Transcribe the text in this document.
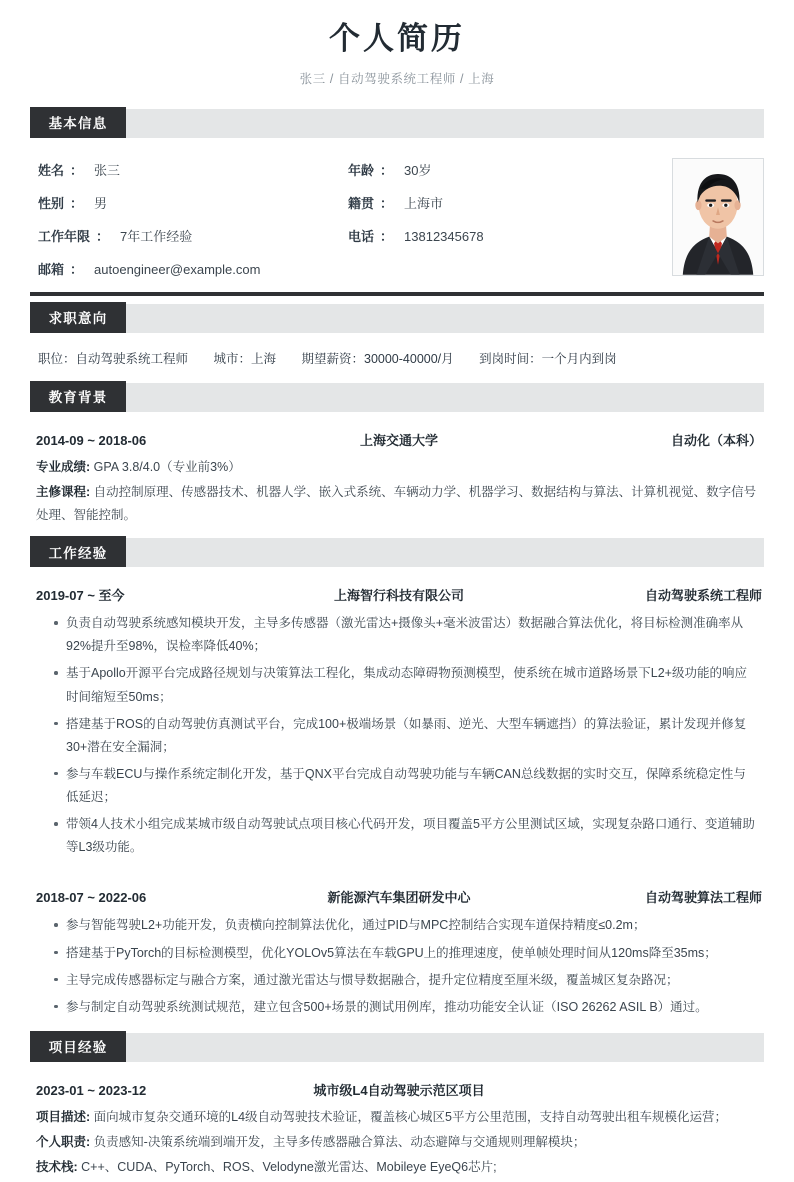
个人简历
张三 / 自动驾驶系统工程师 / 上海
基本信息
姓名 ： 张三	年龄 ： 30岁
性别 ： 男	籍贯 ： 上海市
工作年限 ： 7年工作经验	电话 ： 13812345678
邮箱 ： autoengineer@example.com
求职意向
职位：自动驾驶系统工程师 城市：上海 期望薪资：30000-40000/月 到岗时间：一个月内到岗
教育背景
2014-09 ~ 2018-06	上海交通大学	自动化（本科）
专业成绩: GPA 3.8/4.0（专业前3%）
主修课程: 自动控制原理、传感器技术、机器人学、嵌入式系统、车辆动力学、机器学习、数据结构与算法、计算机视觉、数字信号处理、智能控制。
工作经验
2019-07 ~ 至今	上海智行科技有限公司	自动驾驶系统工程师
负责自动驾驶系统感知模块开发，主导多传感器（激光雷达+摄像头+毫米波雷达）数据融合算法优化，将目标检测准确率从92%提升至98%，误检率降低40%；
基于Apollo开源平台完成路径规划与决策算法工程化，集成动态障碍物预测模型，使系统在城市道路场景下L2+级功能的响应时间缩短至50ms；
搭建基于ROS的自动驾驶仿真测试平台，完成100+极端场景（如暴雨、逆光、大型车辆遮挡）的算法验证，累计发现并修复30+潜在安全漏洞；
参与车载ECU与操作系统定制化开发，基于QNX平台完成自动驾驶功能与车辆CAN总线数据的实时交互，保障系统稳定性与低延迟；
带领4人技术小组完成某城市级自动驾驶试点项目核心代码开发，项目覆盖5平方公里测试区域，实现复杂路口通行、变道辅助等L3级功能。
2018-07 ~ 2022-06	新能源汽车集团研发中心	自动驾驶算法工程师
参与智能驾驶L2+功能开发，负责横向控制算法优化，通过PID与MPC控制结合实现车道保持精度≤0.2m；
搭建基于PyTorch的目标检测模型，优化YOLOv5算法在车载GPU上的推理速度，使单帧处理时间从120ms降至35ms；
主导完成传感器标定与融合方案，通过激光雷达与惯导数据融合，提升定位精度至厘米级，覆盖城区复杂路况；
参与制定自动驾驶系统测试规范，建立包含500+场景的测试用例库，推动功能安全认证（ISO 26262 ASIL B）通过。
项目经验
2023-01 ~ 2023-12	城市级L4自动驾驶示范区项目
项目描述: 面向城市复杂交通环境的L4级自动驾驶技术验证，覆盖核心城区5平方公里范围，支持自动驾驶出租车规模化运营；
个人职责: 负责感知-决策系统端到端开发，主导多传感器融合算法、动态避障与交通规则理解模块；
技术栈: C++、CUDA、PyTorch、ROS、Velodyne激光雷达、Mobileye EyeQ6芯片;
